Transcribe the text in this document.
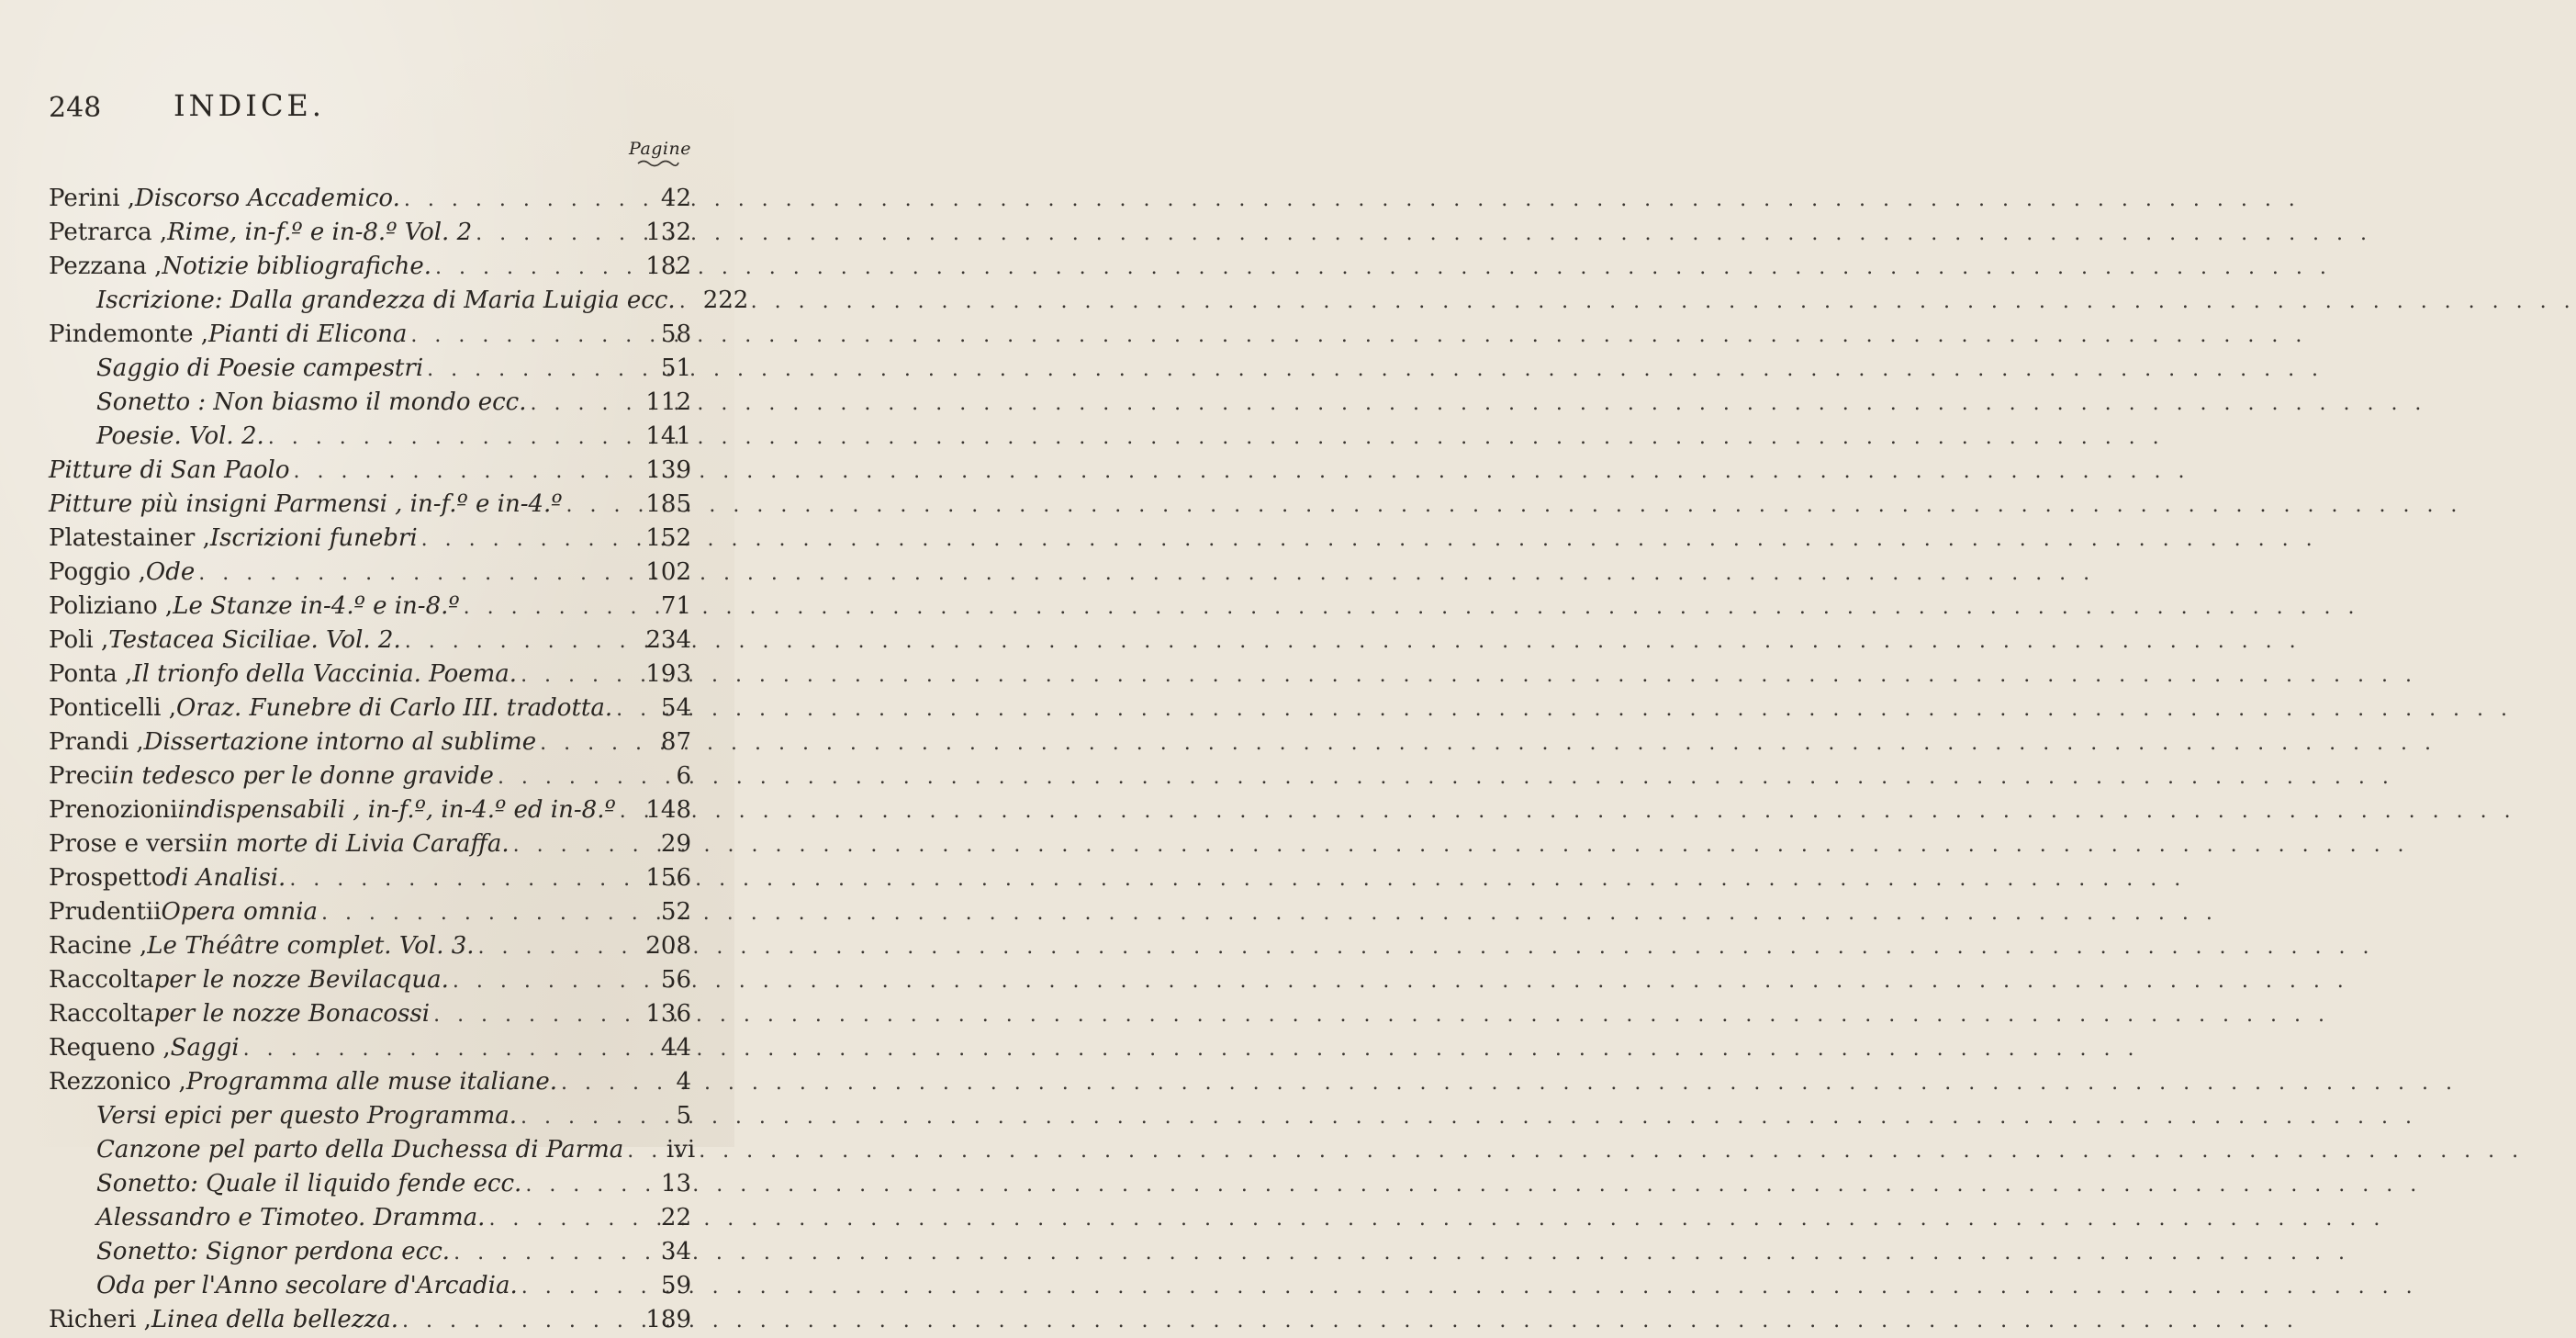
248 INDICE.
Pagine
Perini , Discorso Accademico. . . .	42
Petrarca , Rime, in-f.º e in-8.º Vol. 2 . . .	132
Pezzana , Notizie bibliografiche. . . .	182
Iscrizione: Dalla grandezza di Maria Luigia ecc. . . . 222
Pindemonte , Pianti di Elicona . . .	58
Saggio di Poesie campestri . . .	51
Sonetto : Non biasmo il mondo ecc. . . .	112
Poesie. Vol. 2. . . .	141
Pitture di San Paolo . . .	139
Pitture più insigni Parmensi , in-f.º e in-4.º . . .	185
Platestainer , Iscrizioni funebri . . .	152
Poggio , Ode . . .	102
Poliziano , Le Stanze in-4.º e in-8.º . . .	71
Poli , Testacea Siciliae. Vol. 2. . . .	234
Ponta , Il trionfo della Vaccinia. Poema. . . .	193
Ponticelli , Oraz. Funebre di Carlo III. tradotta. . . .	54
Prandi , Dissertazione intorno al sublime . . .	87
Preci in tedesco per le donne gravide . . .	6
Prenozioni indispensabili , in-f.º, in-4.º ed in-8.º . . . 148
Prose e versi in morte di Livia Caraffa. . . .	29
Prospetto di Analisi. . . .	156
Prudentii Opera omnia . . .	52
Racine , Le Théâtre complet. Vol. 3. . . .	208
Raccolta per le nozze Bevilacqua. . . .	56
Raccolta per le nozze Bonacossi . . .	136
Requeno , Saggi . . .	44
Rezzonico , Programma alle muse italiane. . . .	4
Versi epici per questo Programma. . . .	5
Canzone pel parto della Duchessa di Parma . . .	ivi
Sonetto: Quale il liquido fende ecc. . . .	13
Alessandro e Timoteo. Dramma. . . .	22
Sonetto: Signor perdona ecc. . . .	34
Oda per l'Anno secolare d'Arcadia. . . .	59
Richeri , Linea della bellezza. . . .	189
